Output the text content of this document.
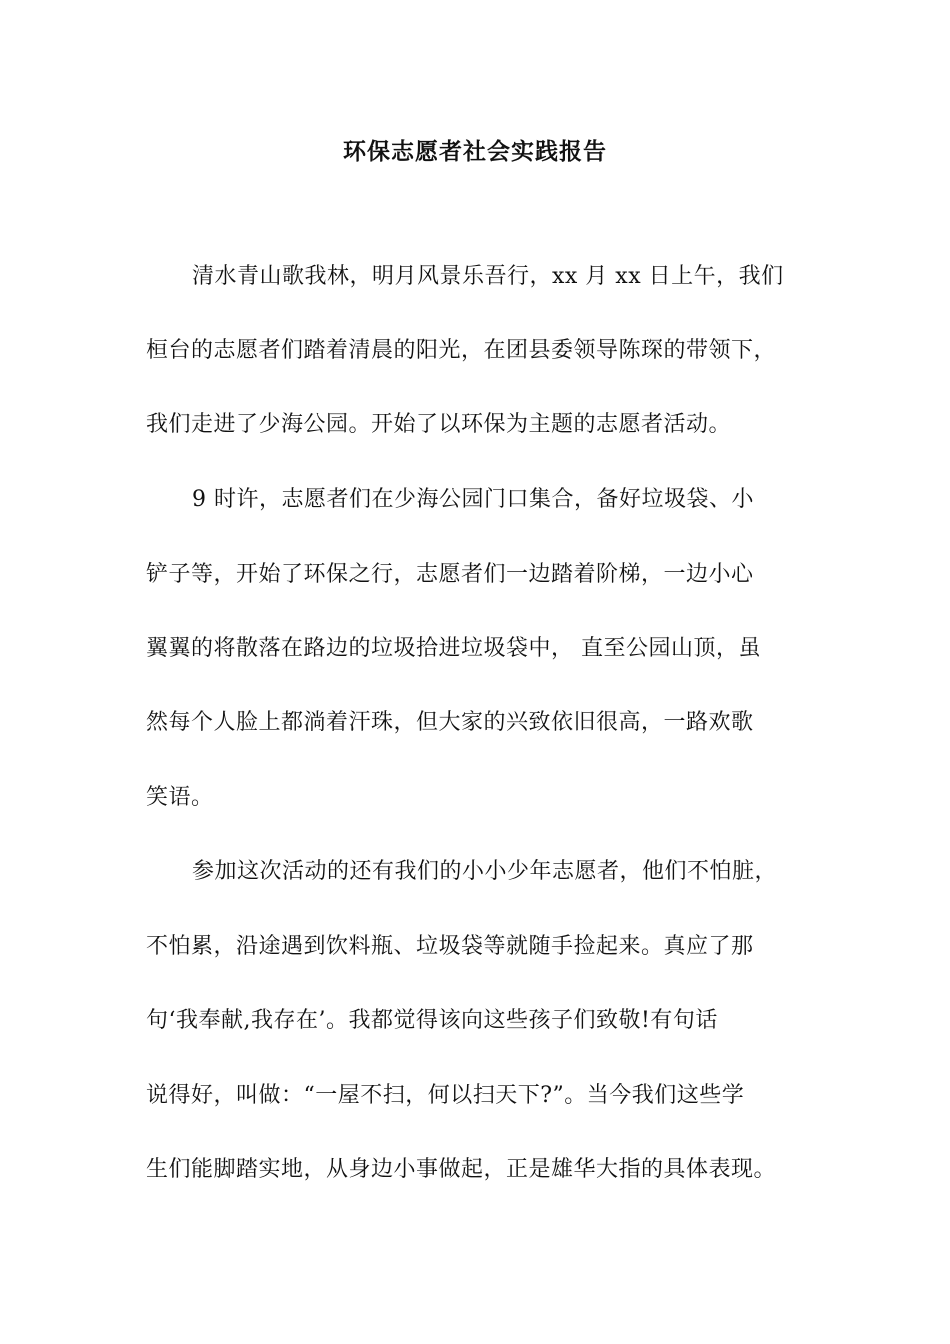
环保志愿者社会实践报告
清水青山歌我林，明月风景乐吾行，xx 月 xx 日上午，我们
桓台的志愿者们踏着清晨的阳光，在团县委领导陈琛的带领下，
我们走进了少海公园。开始了以环保为主题的志愿者活动。
9 时许，志愿者们在少海公园门口集合，备好垃圾袋、小
铲子等，开始了环保之行，志愿者们一边踏着阶梯，一边小心
翼翼的将散落在路边的垃圾拾进垃圾袋中， 直至公园山顶，虽
然每个人脸上都淌着汗珠，但大家的兴致依旧很高，一路欢歌
笑语。
参加这次活动的还有我们的小小少年志愿者，他们不怕脏，
不怕累，沿途遇到饮料瓶、垃圾袋等就随手捡起来。真应了那
句‘我奉献,我存在’。我都觉得该向这些孩子们致敬!有句话
说得好，叫做：“一屋不扫，何以扫天下?”。当今我们这些学
生们能脚踏实地，从身边小事做起，正是雄华大指的具体表现。
